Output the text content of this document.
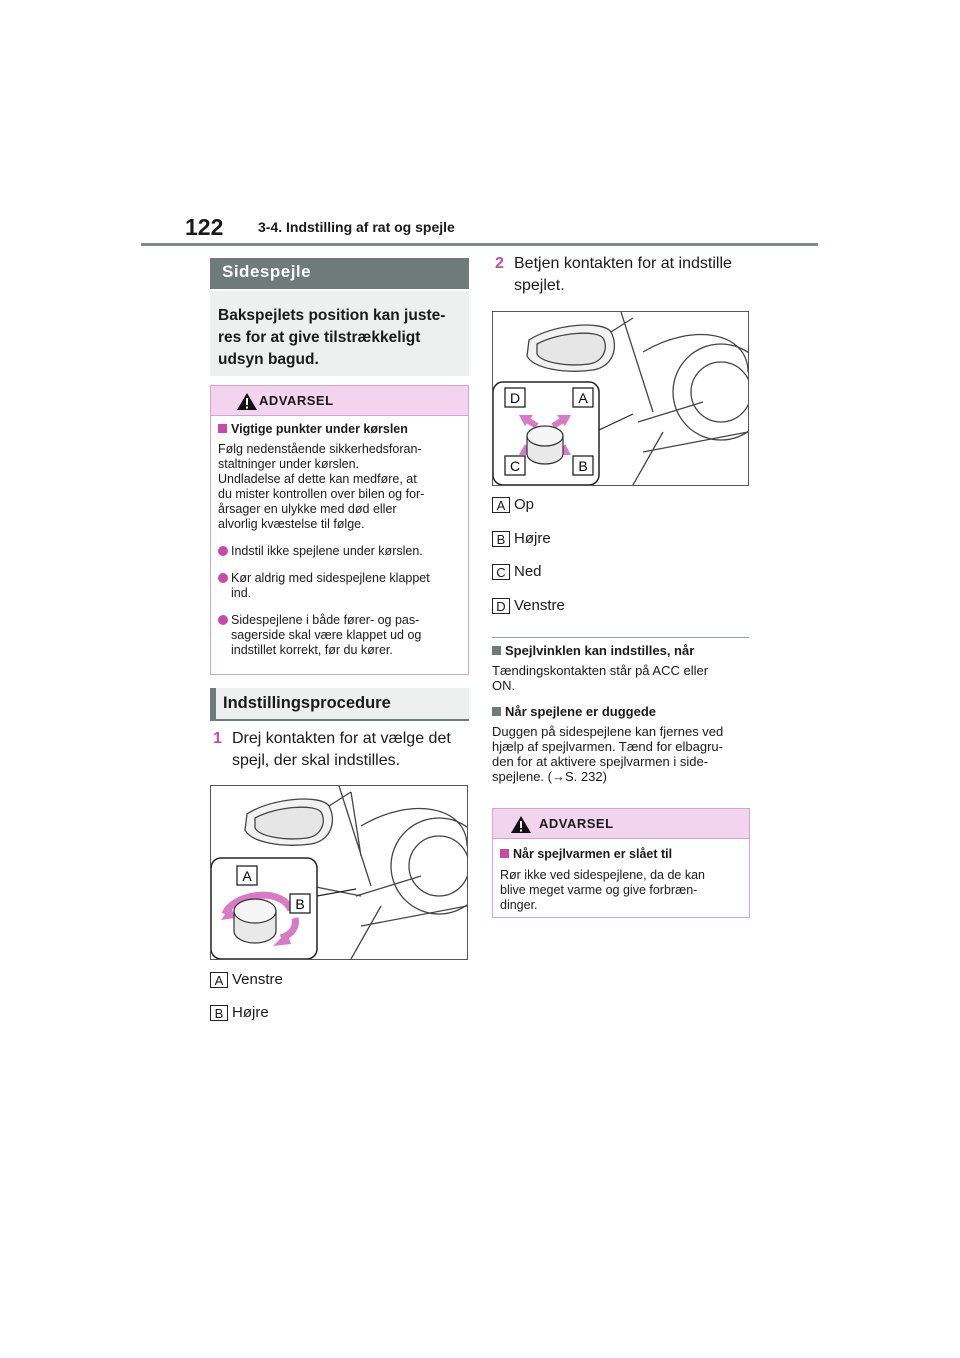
122 3-4. Indstilling af rat og spejle
Sidespejle
Bakspejlets position kan juste-
res for at give tilstrækkeligt
udsyn bagud.
ADVARSEL

Vigtige punkter under kørslen

Følg nedenstående sikkerhedsforan-

staltninger under kørslen.

Undladelse af dette kan medføre, at

du mister kontrollen over bilen og for-

årsager en ulykke med død eller

alvorlig kvæstelse til følge.

Indstil ikke spejlene under kørslen.
Kør aldrig med sidespejlene klappet
ind.
Sidespejlene i både fører- og pas-
sagerside skal være klappet ud og
indstillet korrekt, før du kører.
Indstillingsprocedure
1 Drej kontakten for at vælge det
spejl, der skal indstilles.
A
B
A Venstre
B Højre
2 Betjen kontakten for at indstille
spejlet.
D	A
C	B
A Op
B Højre
C Ned
D Venstre
Spejlvinklen kan indstilles, når
Tændingskontakten står på ACC eller
ON.
Når spejlene er duggede
Duggen på sidespejlene kan fjernes ved
hjælp af spejlvarmen. Tænd for elbagru-
den for at aktivere spejlvarmen i side-
spejlene. (→S. 232)
ADVARSEL

Når spejlvarmen er slået til

Rør ikke ved sidespejlene, da de kan

blive meget varme og give forbræn-

dinger.
